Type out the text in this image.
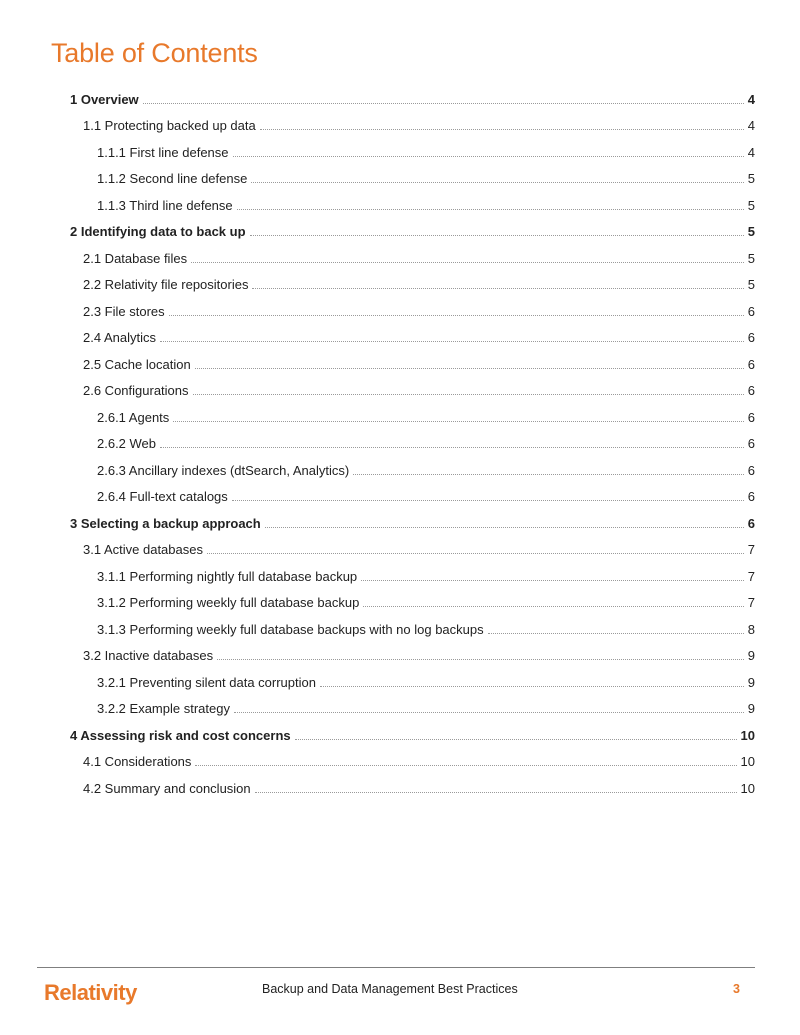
Table of Contents
1 Overview	4
1.1 Protecting backed up data	4
1.1.1 First line defense	4
1.1.2 Second line defense	5
1.1.3 Third line defense	5
2 Identifying data to back up	5
2.1 Database files	5
2.2 Relativity file repositories	5
2.3 File stores	6
2.4 Analytics	6
2.5 Cache location	6
2.6 Configurations	6
2.6.1 Agents	6
2.6.2 Web	6
2.6.3 Ancillary indexes (dtSearch, Analytics)	6
2.6.4 Full-text catalogs	6
3 Selecting a backup approach	6
3.1 Active databases	7
3.1.1 Performing nightly full database backup	7
3.1.2 Performing weekly full database backup	7
3.1.3 Performing weekly full database backups with no log backups	8
3.2 Inactive databases	9
3.2.1 Preventing silent data corruption	9
3.2.2 Example strategy	9
4 Assessing risk and cost concerns	10
4.1 Considerations	10
4.2 Summary and conclusion	10
Relativity	Backup and Data Management Best Practices	3
